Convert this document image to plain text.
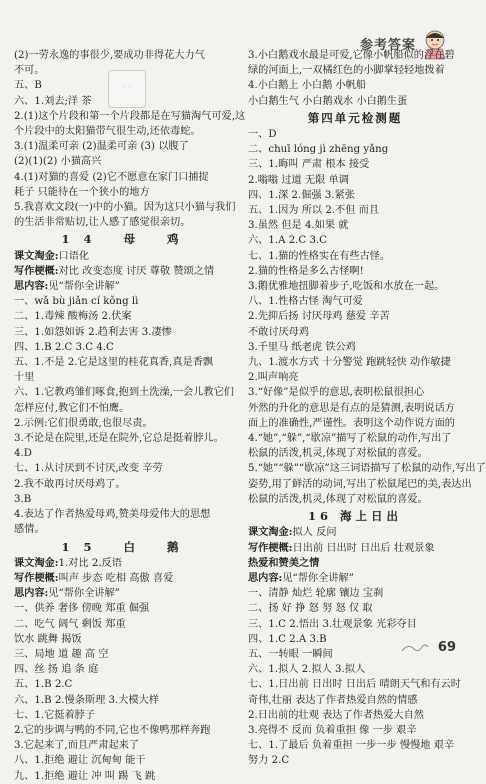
参考答案
· ·
(2)一劳永逸的事很少,要成功非得花大力气
不可。
五、B
六、1.刘去;洋 茶
2.(1)这个片段和第一个片段都是在写猫淘气可爱,这
个片段中的太阳猫带气很生动,还依毒蛇。
3.(1)温柔可亲 (2)温柔可亲 (3) 以腹了
(2)(1)(2) 小猫高兴
4.(1)对猫的喜爱 (2)它不愿意在家门口捕捉
耗子 只能待在一个狭小的地方
5.我喜欢文段(一)中的小猫。因为这只小猫与我们
的生活非常贴切,让人感了感觉很亲切。
14 母 鸡
课文淘金:口语化
写作梗概:对比 改变态度 讨厌 尊敬 赞颂之情
思内容:见“帮你全讲解”
一、wǎ bù jiǎn cí kǒng lì
二、1.毒辣 酸梅汤 2.伏案
三、1.如怨如诉 2.趋利去害 3.凄惨
四、1.B 2.C 3.C 4.C
五、1.不是 2.它是这里的桂花真香,真是香飘
十里
六、1.它教鸡雏们啄食,抱到土洗澡,一会儿教它们
怎样应付,教它们不怕鹰。
2.示例:它们很勇敢,也很尽责。
3.不论是在院里,还是在院外,它总是挺着脖儿。
4.D
七、1.从讨厌到不讨厌,改变 辛劳
2.我不敢再讨厌母鸡了。
3.B
4.表达了作者热爱母鸡,赞美母爱伟大的思想
感情。
15 白 鹅
课文淘金:1.对比 2.反语
写作梗概:叫声 步态 吃相 高傲 喜爱
思内容:见“帮你全讲解”
一、供养 奢侈 傍晚 郑重 倔强
二、吃气 阔气 剩饭 郑重
饮水 跳舞 揭饭
三、局地 道 趣 高 空
四、丝 扬 追 条 庭
五、1.B 2.C
六、1.B 2.慢条斯理 3.大模大样
七、1.它挺着脖子
2.它的步调与鸭的不同,它也不像鸭那样奔跑
3.它起来了,而且严肃起来了
八、1.拒绝 避让 沉甸甸 能干
九、1.拒绝 避让 冲 叫 踢 飞 跳
3.小白鹅戏水最是可爱,它像小帆船似的浮在碧
绿的河面上,一双橘红色的小脚掌轻轻地拨着
4.小白鹅上 小白鹅 小帆船
小白鹅生气 小白鹅戏水 小白鹅生蛋
第四单元检测题
一、D
二、chuī lóng jì zhēng yǎng
三、1.晦叫 严肃 根本 接受
2.嗡嗡 过道 无限 单调
四、1.深 2.倔强 3.紧张
五、1.因为 所以 2.不但 而且
3.虽然 但是 4.如果 就
六、1.A 2.C 3.C
七、1.猫的性格实在有些古怪。
2.猫的性格是多么古怪啊!
3.鹅优雅地扭脚着步子,吃饭和水放在一起。
八、1.性格古怪 淘气可爱
2.先抑后扬 讨厌母鸡 慈爱 辛苦
不敢讨厌母鸡
3.千里马 纸老虎 铁公鸡
九、1.渡水方式 十分警觉 跑跳轻快 动作敏捷
2.叫声响亮
3.“好像”是似乎的意思,表明松鼠很担心
外然的升化的意思是有点的是猜测,表明说话方
面上的准确性,严谨性。表明这个动作说方面的
4.“她”,“躲”,“歇凉”描写了松鼠的动作,写出了
松鼠的活泼,机灵,体现了对松鼠的喜爱。
5.“她”“躲”“歇凉”这三词语描写了松鼠的动作,写出了
姿势,用了鲜活的动词,写出了松鼠尾巴的美,表达出
松鼠的活泼,机灵,体现了对松鼠的喜爱。
16 海上日出
课文淘金:拟人 反问
写作梗概:日出前 日出时 日出后 壮观景象
热爱和赞美之情
思内容:见“帮你全讲解”
一、清静 灿烂 轮廓 镶边 宝刹
二、扬 好 挣 怒 努 怒 仅 取
三、1.C 2.悟出 3.壮观景象 光彩夺目
四、1.C 2.A 3.B
五、一转眼 一瞬间
六、1.拟人 2.拟人 3.拟人
七、1.日出前 日出时 日出后 晴朗天气和有云时
奇伟,壮丽 表达了作者热爱自然的情感
2.日出前的壮观 表达了作者热爱大自然
3.亮得不 反而 负着重担 像 一步 艰辛
七、1.了最后 负着重担 一步一步 慢慢地 艰辛
努力 2.C
69
